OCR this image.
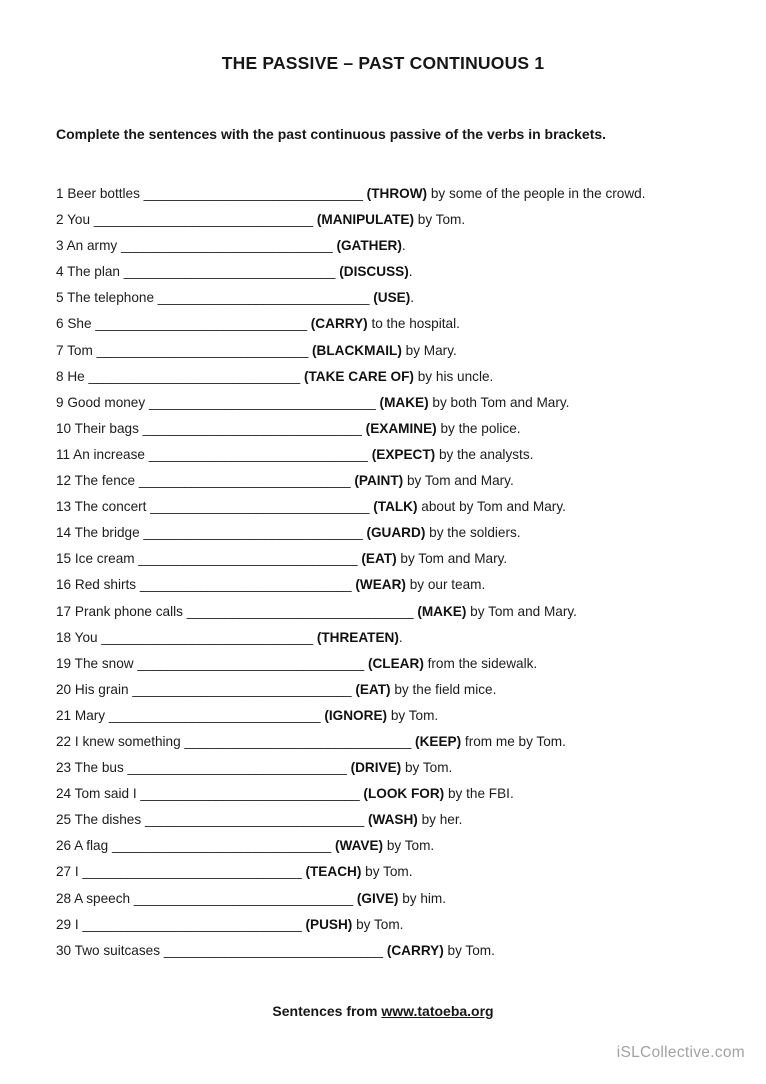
THE PASSIVE – PAST CONTINUOUS 1
Complete the sentences with the past continuous passive of the verbs in brackets.
1 Beer bottles _____________________________ (THROW) by some of the people in the crowd.
2 You _____________________________ (MANIPULATE) by Tom.
3 An army ____________________________ (GATHER).
4 The plan ____________________________ (DISCUSS).
5 The telephone ____________________________ (USE).
6 She ____________________________ (CARRY) to the hospital.
7 Tom ____________________________ (BLACKMAIL) by Mary.
8 He ____________________________ (TAKE CARE OF) by his uncle.
9 Good money ______________________________ (MAKE) by both Tom and Mary.
10 Their bags _____________________________ (EXAMINE) by the police.
11 An increase _____________________________ (EXPECT) by the analysts.
12 The fence ____________________________ (PAINT) by Tom and Mary.
13 The concert _____________________________ (TALK) about by Tom and Mary.
14 The bridge _____________________________ (GUARD) by the soldiers.
15 Ice cream _____________________________ (EAT) by Tom and Mary.
16 Red shirts ____________________________ (WEAR) by our team.
17 Prank phone calls ______________________________ (MAKE) by Tom and Mary.
18 You ____________________________ (THREATEN).
19 The snow ______________________________ (CLEAR) from the sidewalk.
20 His grain _____________________________ (EAT) by the field mice.
21 Mary ____________________________ (IGNORE) by Tom.
22 I knew something ______________________________ (KEEP) from me by Tom.
23 The bus _____________________________ (DRIVE) by Tom.
24 Tom said I _____________________________ (LOOK FOR) by the FBI.
25 The dishes _____________________________ (WASH) by her.
26 A flag _____________________________ (WAVE) by Tom.
27 I _____________________________ (TEACH) by Tom.
28 A speech _____________________________ (GIVE) by him.
29 I _____________________________ (PUSH) by Tom.
30 Two suitcases _____________________________ (CARRY) by Tom.
Sentences from www.tatoeba.org
iSLCollective.com
